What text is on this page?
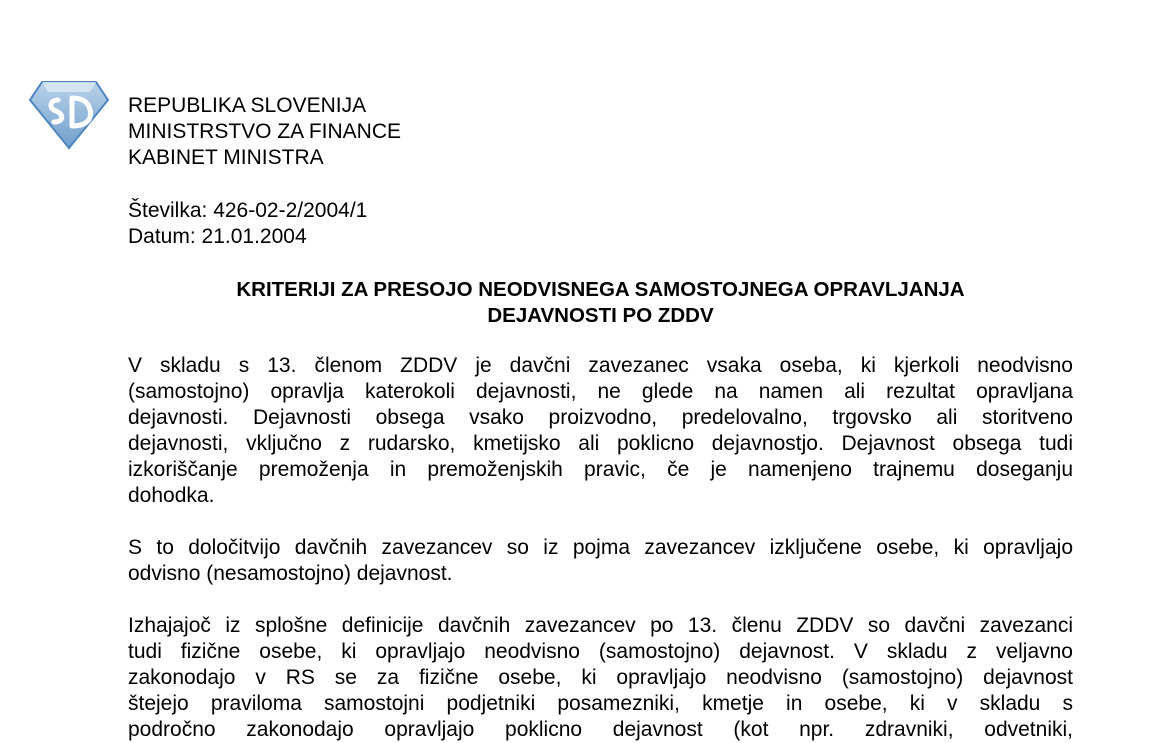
REPUBLIKA SLOVENIJA
MINISTRSTVO ZA FINANCE
KABINET MINISTRA
Številka: 426-02-2/2004/1
Datum: 21.01.2004
KRITERIJI ZA PRESOJO NEODVISNEGA SAMOSTOJNEGA OPRAVLJANJA
DEJAVNOSTI PO ZDDV
V skladu s 13. členom ZDDV je davčni zavezanec vsaka oseba, ki kjerkoli neodvisno
(samostojno) opravlja katerokoli dejavnosti, ne glede na namen ali rezultat opravljana
dejavnosti. Dejavnosti obsega vsako proizvodno, predelovalno, trgovsko ali storitveno
dejavnosti, vključno z rudarsko, kmetijsko ali poklicno dejavnostjo. Dejavnost obsega tudi
izkoriščanje premoženja in premoženjskih pravic, če je namenjeno trajnemu doseganju
dohodka.
S to določitvijo davčnih zavezancev so iz pojma zavezancev izključene osebe, ki opravljajo
odvisno (nesamostojno) dejavnost.
Izhajajoč iz splošne definicije davčnih zavezancev po 13. členu ZDDV so davčni zavezanci
tudi fizične osebe, ki opravljajo neodvisno (samostojno) dejavnost. V skladu z veljavno
zakonodajo v RS se za fizične osebe, ki opravljajo neodvisno (samostojno) dejavnost
štejejo praviloma samostojni podjetniki posamezniki, kmetje in osebe, ki v skladu s
področno zakonodajo opravljajo poklicno dejavnost (kot npr. zdravniki, odvetniki,
